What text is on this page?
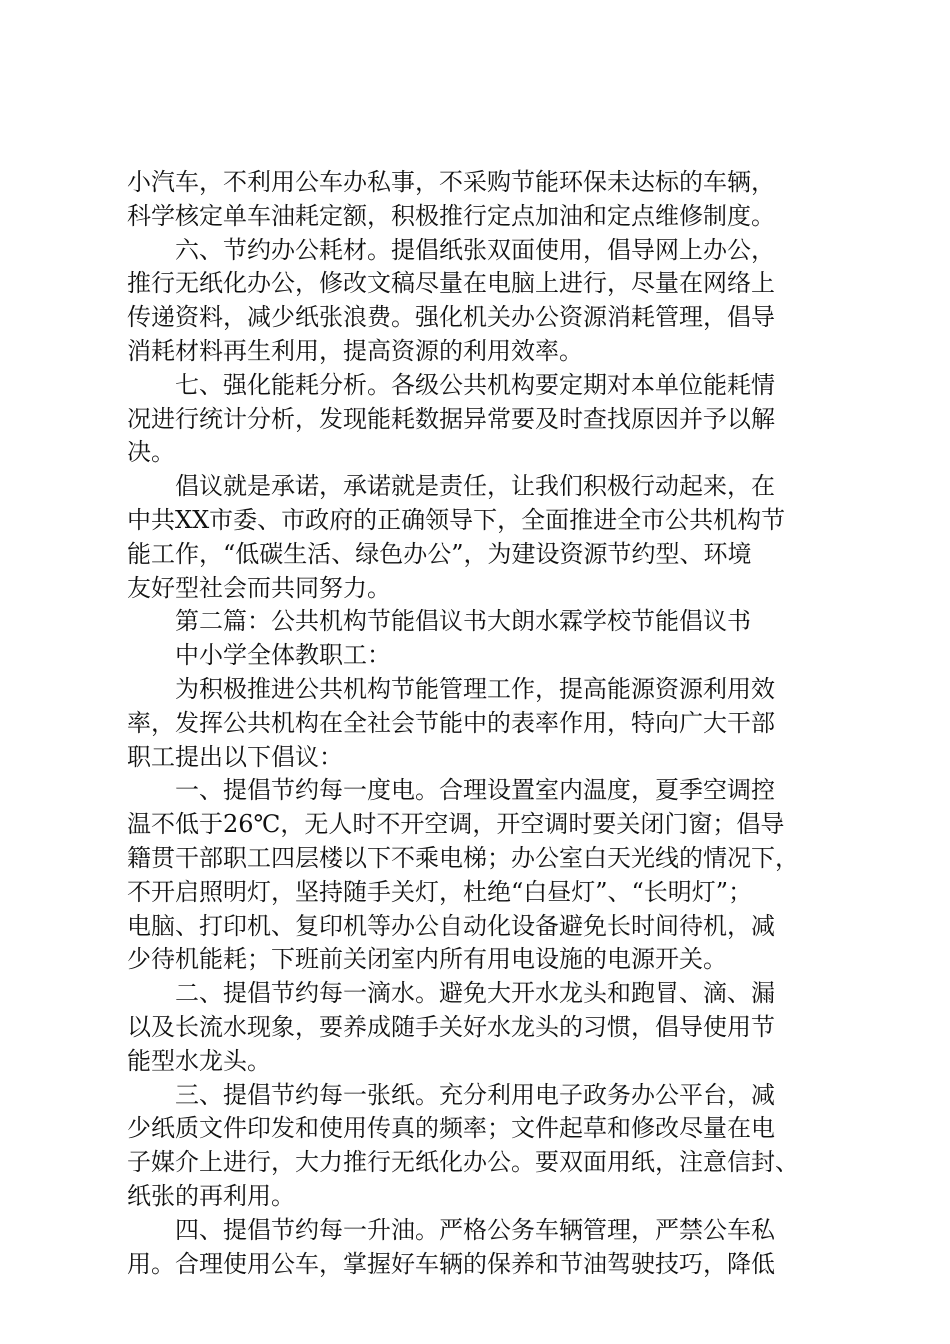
小汽车，不利用公车办私事，不采购节能环保未达标的车辆，
科学核定单车油耗定额，积极推行定点加油和定点维修制度。
六、节约办公耗材。提倡纸张双面使用，倡导网上办公，
推行无纸化办公，修改文稿尽量在电脑上进行，尽量在网络上
传递资料，减少纸张浪费。强化机关办公资源消耗管理，倡导
消耗材料再生利用，提高资源的利用效率。
七、强化能耗分析。各级公共机构要定期对本单位能耗情
况进行统计分析，发现能耗数据异常要及时查找原因并予以解
决。
倡议就是承诺，承诺就是责任，让我们积极行动起来，在
中共XX市委、市政府的正确领导下，全面推进全市公共机构节
能工作，“低碳生活、绿色办公”，为建设资源节约型、环境
友好型社会而共同努力。
第二篇：公共机构节能倡议书大朗水霖学校节能倡议书
中小学全体教职工：
为积极推进公共机构节能管理工作，提高能源资源利用效
率，发挥公共机构在全社会节能中的表率作用，特向广大干部
职工提出以下倡议：
一、提倡节约每一度电。合理设置室内温度，夏季空调控
温不低于26℃，无人时不开空调，开空调时要关闭门窗；倡导
籍贯干部职工四层楼以下不乘电梯；办公室白天光线的情况下，
不开启照明灯，坚持随手关灯，杜绝“白昼灯”、“长明灯”；
电脑、打印机、复印机等办公自动化设备避免长时间待机，减
少待机能耗；下班前关闭室内所有用电设施的电源开关。
二、提倡节约每一滴水。避免大开水龙头和跑冒、滴、漏
以及长流水现象，要养成随手关好水龙头的习惯，倡导使用节
能型水龙头。
三、提倡节约每一张纸。充分利用电子政务办公平台，减
少纸质文件印发和使用传真的频率；文件起草和修改尽量在电
子媒介上进行，大力推行无纸化办公。要双面用纸，注意信封、
纸张的再利用。
四、提倡节约每一升油。严格公务车辆管理，严禁公车私
用。合理使用公车，掌握好车辆的保养和节油驾驶技巧，降低
